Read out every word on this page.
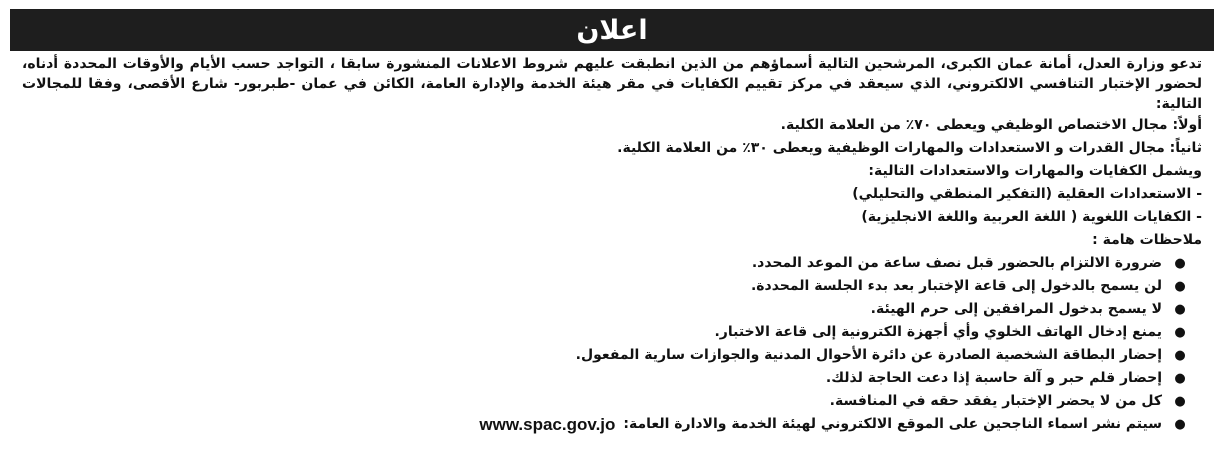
اعلان

تدعو وزارة العدل، أمانة عمان الكبرى، المرشحين التالية أسماؤهم من الذين انطبقت عليهم شروط الاعلانات المنشورة سابقا ، التواجد حسب الأيام والأوقات المحددة أدناه، لحضور الإختبار التنافسي الالكتروني، الذي سيعقد في مركز تقييم الكفايات في مقر هيئة الخدمة والإدارة العامة، الكائن في عمان -طبربور- شارع الأقصى، وفقا للمجالات التالية:

أولاً: مجال الاختصاص الوظيفي ويعطى ٧٠٪ من العلامة الكلية.

ثانياً: مجال القدرات و الاستعدادات والمهارات الوظيفية ويعطى ٣٠٪ من العلامة الكلية.

ويشمل الكفايات والمهارات والاستعدادات التالية:

- الاستعدادات العقلية (التفكير المنطقي والتحليلي)

- الكفايات اللغوية ( اللغة العربية واللغة الانجليزية)

ملاحظات هامة :

●
ضرورة الالتزام بالحضور قبل نصف ساعة من الموعد المحدد.
●
لن يسمح بالدخول إلى قاعة الإختبار بعد بدء الجلسة المحددة.
●
لا يسمح بدخول المرافقين إلى حرم الهيئة.
●
يمنع إدخال الهاتف الخلوي وأي أجهزة الكترونية إلى قاعة الاختبار.
●
إحضار البطاقة الشخصية الصادرة عن دائرة الأحوال المدنية والجوازات سارية المفعول.
●
إحضار قلم حبر و آلة حاسبة إذا دعت الحاجة لذلك.
●
كل من لا يحضر الإختبار يفقد حقه في المنافسة.
●
سيتم نشر اسماء الناجحين على الموقع الالكتروني لهيئة الخدمة والادارة العامة:
www.spac.gov.jo
